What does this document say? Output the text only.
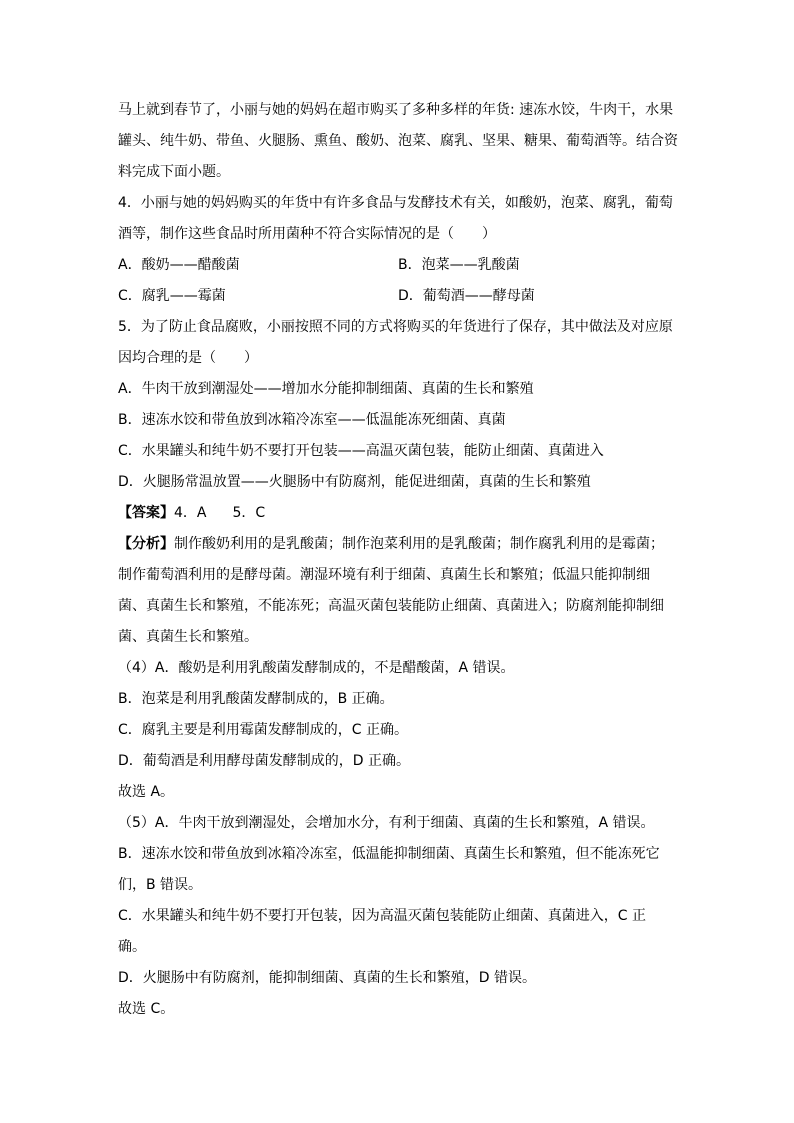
马上就到春节了，小丽与她的妈妈在超市购买了多种多样的年货: 速冻水饺，牛肉干，水果
罐头、纯牛奶、带鱼、火腿肠、熏鱼、酸奶、泡菜、腐乳、坚果、糖果、葡萄酒等。结合资
料完成下面小题。
4．小丽与她的妈妈购买的年货中有许多食品与发酵技术有关，如酸奶，泡菜、腐乳，葡萄
酒等，制作这些食品时所用菌种不符合实际情况的是（　　）
A．酸奶——醋酸菌	B．泡菜——乳酸菌
C．腐乳——霉菌	D．葡萄酒——酵母菌
5．为了防止食品腐败，小丽按照不同的方式将购买的年货进行了保存，其中做法及对应原
因均合理的是（　　）
A．牛肉干放到潮湿处——增加水分能抑制细菌、真菌的生长和繁殖
B．速冻水饺和带鱼放到冰箱冷冻室——低温能冻死细菌、真菌
C．水果罐头和纯牛奶不要打开包装——高温灭菌包装，能防止细菌、真菌进入
D．火腿肠常温放置——火腿肠中有防腐剂，能促进细菌，真菌的生长和繁殖
【答案】4．A 5．C
【分析】制作酸奶利用的是乳酸菌；制作泡菜利用的是乳酸菌；制作腐乳利用的是霉菌；
制作葡萄酒利用的是酵母菌。潮湿环境有利于细菌、真菌生长和繁殖；低温只能抑制细
菌、真菌生长和繁殖，不能冻死；高温灭菌包装能防止细菌、真菌进入；防腐剂能抑制细
菌、真菌生长和繁殖。
（4）A．酸奶是利用乳酸菌发酵制成的，不是醋酸菌，A 错误。
B．泡菜是利用乳酸菌发酵制成的，B 正确。
C．腐乳主要是利用霉菌发酵制成的，C 正确。
D．葡萄酒是利用酵母菌发酵制成的，D 正确。
故选 A。
（5）A．牛肉干放到潮湿处，会增加水分，有利于细菌、真菌的生长和繁殖，A 错误。
B．速冻水饺和带鱼放到冰箱冷冻室，低温能抑制细菌、真菌生长和繁殖，但不能冻死它
们，B 错误。
C．水果罐头和纯牛奶不要打开包装，因为高温灭菌包装能防止细菌、真菌进入，C 正
确。
D．火腿肠中有防腐剂，能抑制细菌、真菌的生长和繁殖，D 错误。
故选 C。
